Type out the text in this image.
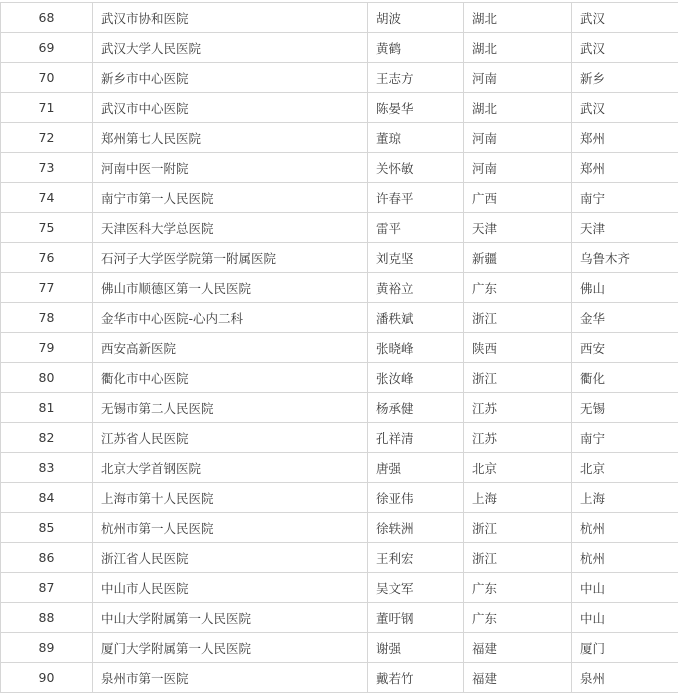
68	武汉市协和医院	胡波	湖北	武汉
69	武汉大学人民医院	黄鹤	湖北	武汉
70	新乡市中心医院	王志方	河南	新乡
71	武汉市中心医院	陈晏华	湖北	武汉
72	郑州第七人民医院	董琼	河南	郑州
73	河南中医一附院	关怀敏	河南	郑州
74	南宁市第一人民医院	许春平	广西	南宁
75	天津医科大学总医院	雷平	天津	天津
76	石河子大学医学院第一附属医院	刘克坚	新疆	乌鲁木齐
77	佛山市顺德区第一人民医院	黄裕立	广东	佛山
78	金华市中心医院-心内二科	潘秩斌	浙江	金华
79	西安高新医院	张晓峰	陕西	西安
80	衢化市中心医院	张汝峰	浙江	衢化
81	无锡市第二人民医院	杨承健	江苏	无锡
82	江苏省人民医院	孔祥清	江苏	南宁
83	北京大学首钢医院	唐强	北京	北京
84	上海市第十人民医院	徐亚伟	上海	上海
85	杭州市第一人民医院	徐轶洲	浙江	杭州
86	浙江省人民医院	王利宏	浙江	杭州
87	中山市人民医院	吴文军	广东	中山
88	中山大学附属第一人民医院	董吁钢	广东	中山
89	厦门大学附属第一人民医院	谢强	福建	厦门
90	泉州市第一医院	戴若竹	福建	泉州
